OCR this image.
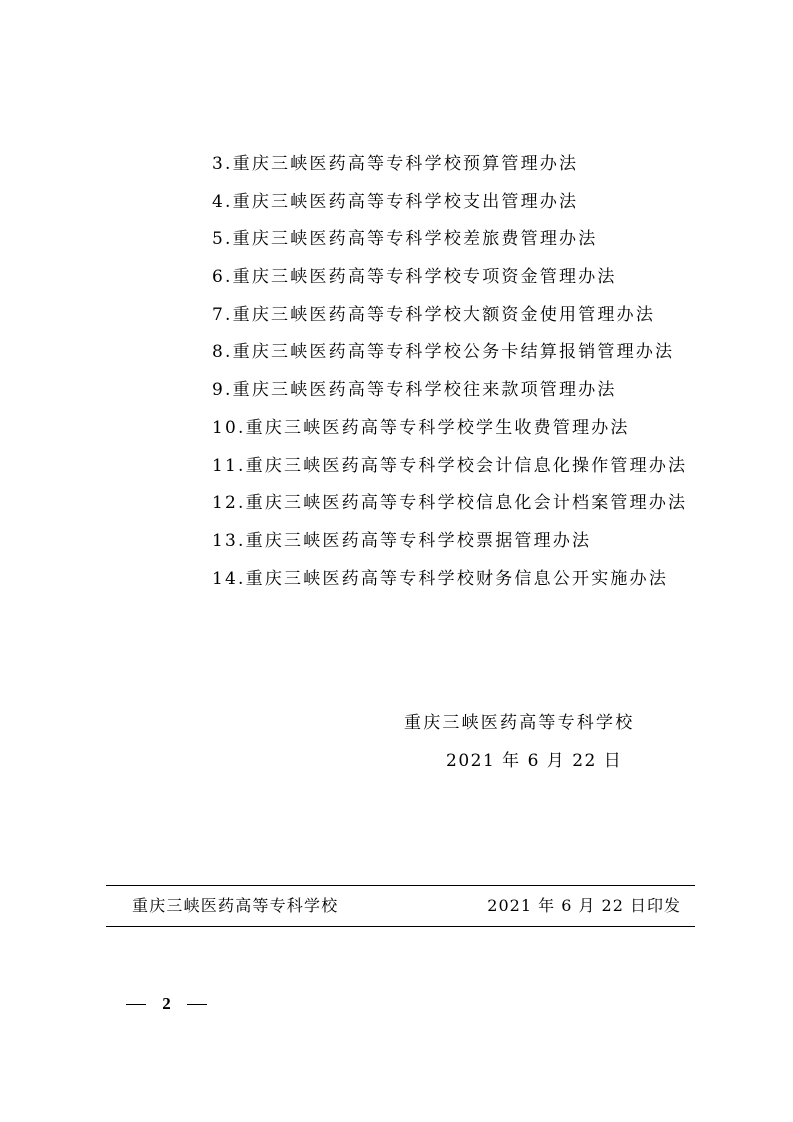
3.重庆三峡医药高等专科学校预算管理办法
4.重庆三峡医药高等专科学校支出管理办法
5.重庆三峡医药高等专科学校差旅费管理办法
6.重庆三峡医药高等专科学校专项资金管理办法
7.重庆三峡医药高等专科学校大额资金使用管理办法
8.重庆三峡医药高等专科学校公务卡结算报销管理办法
9.重庆三峡医药高等专科学校往来款项管理办法
10.重庆三峡医药高等专科学校学生收费管理办法
11.重庆三峡医药高等专科学校会计信息化操作管理办法
12.重庆三峡医药高等专科学校信息化会计档案管理办法
13.重庆三峡医药高等专科学校票据管理办法
14.重庆三峡医药高等专科学校财务信息公开实施办法
重庆三峡医药高等专科学校
2021 年 6 月 22 日
重庆三峡医药高等专科学校	2021 年 6 月 22 日印发
2
